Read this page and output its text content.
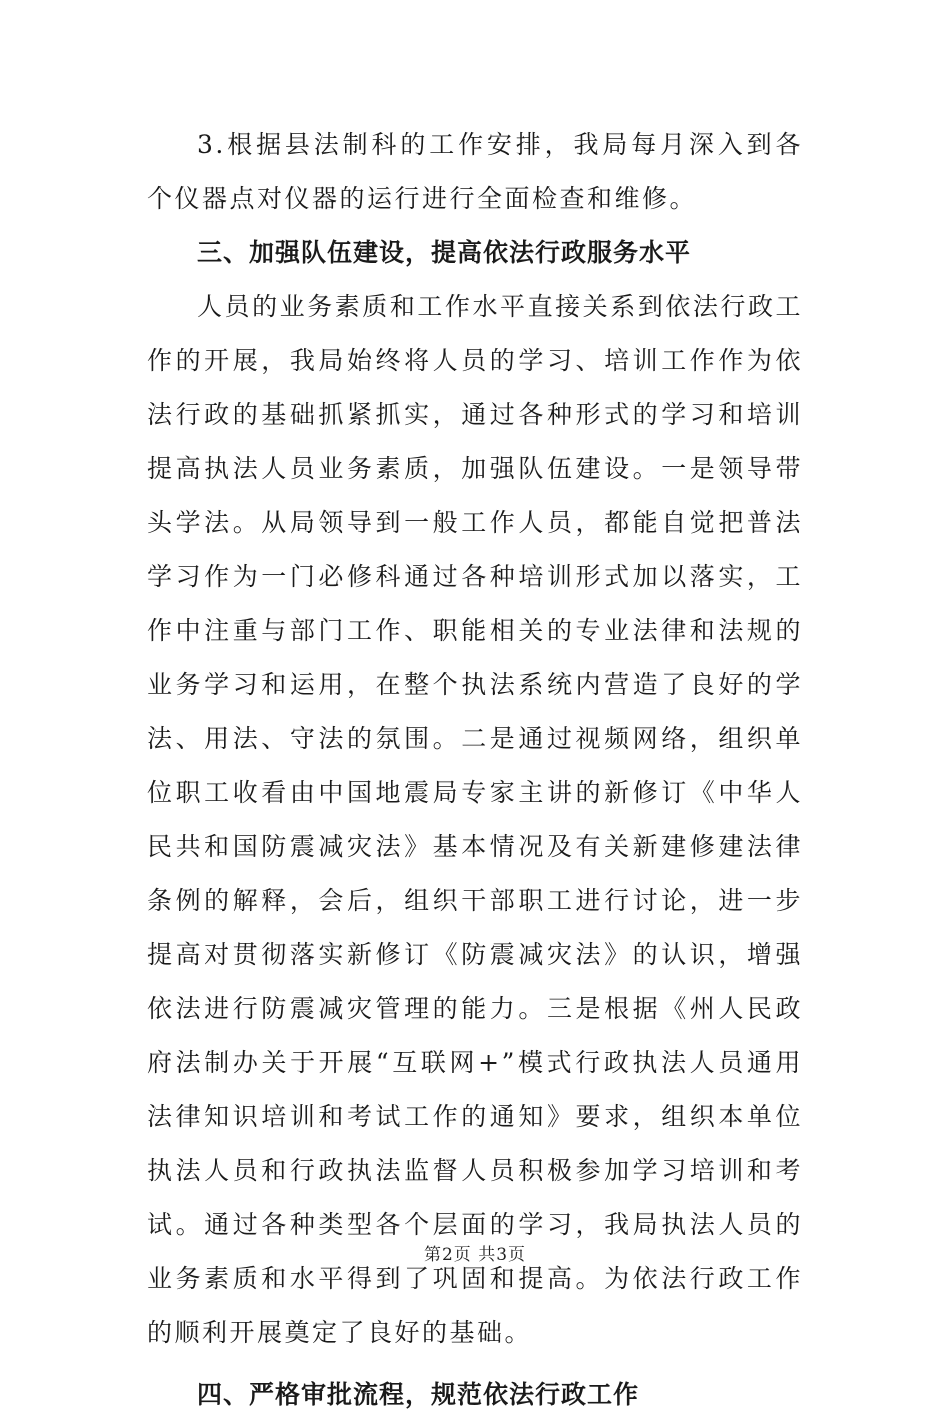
3.根据县法制科的工作安排，我局每月深入到各个仪器点对仪器的运行进行全面检查和维修。

三、加强队伍建设，提高依法行政服务水平

人员的业务素质和工作水平直接关系到依法行政工作的开展，我局始终将人员的学习、培训工作作为依法行政的基础抓紧抓实，通过各种形式的学习和培训提高执法人员业务素质，加强队伍建设。一是领导带头学法。从局领导到一般工作人员，都能自觉把普法学习作为一门必修科通过各种培训形式加以落实，工作中注重与部门工作、职能相关的专业法律和法规的业务学习和运用，在整个执法系统内营造了良好的学法、用法、守法的氛围。二是通过视频网络，组织单位职工收看由中国地震局专家主讲的新修订《中华人民共和国防震减灾法》基本情况及有关新建修建法律条例的解释，会后，组织干部职工进行讨论，进一步提高对贯彻落实新修订《防震减灾法》的认识，增强依法进行防震减灾管理的能力。三是根据《州人民政府法制办关于开展“互联网+”模式行政执法人员通用法律知识培训和考试工作的通知》要求，组织本单位执法人员和行政执法监督人员积极参加学习培训和考试。通过各种类型各个层面的学习，我局执法人员的业务素质和水平得到了巩固和提高。为依法行政工作的顺利开展奠定了良好的基础。

四、严格审批流程，规范依法行政工作

第2页 共3页
